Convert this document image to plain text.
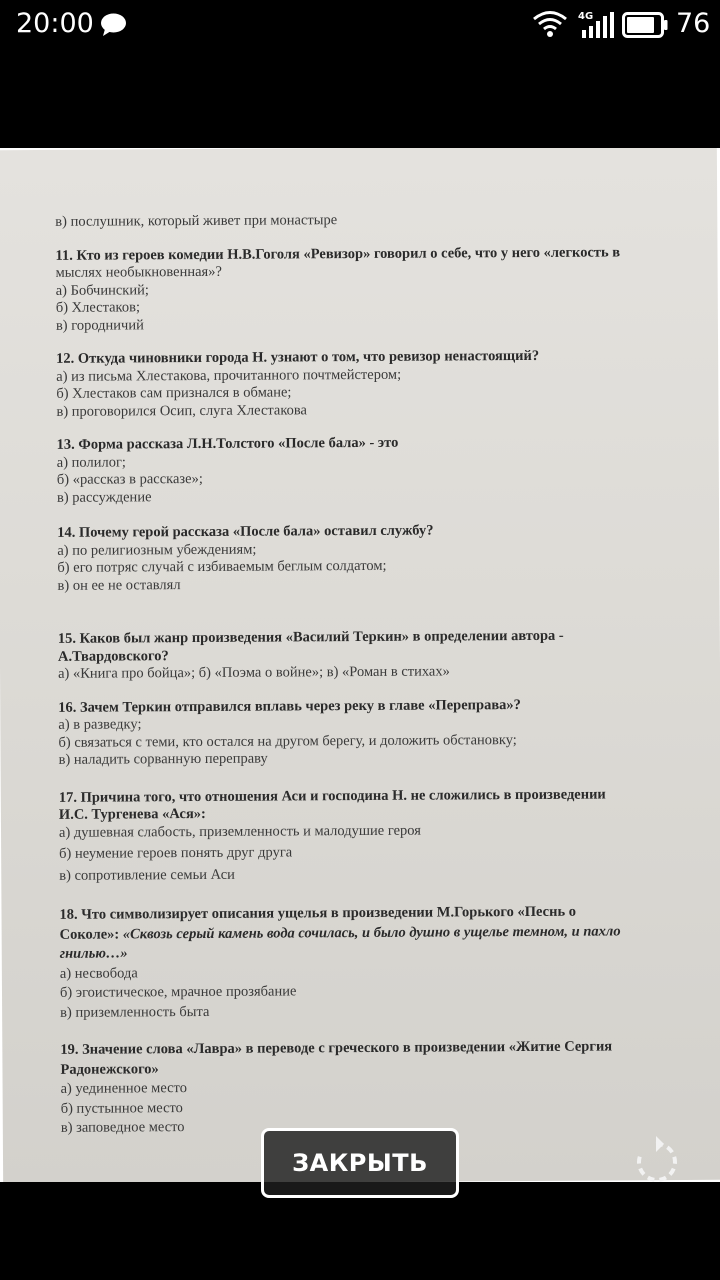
20:00	4G	76
в) послушник, который живет при монастыре
11. Кто из героев комедии Н.В.Гоголя «Ревизор» говорил о себе, что у него «легкость в
мыслях необыкновенная»?
а) Бобчинский;
б) Хлестаков;
в) городничий
12. Откуда чиновники города Н. узнают о том, что ревизор ненастоящий?
а) из письма Хлестакова, прочитанного почтмейстером;
б) Хлестаков сам признался в обмане;
в) проговорился Осип, слуга Хлестакова
13. Форма рассказа Л.Н.Толстого «После бала» - это
а) полилог;
б) «рассказ в рассказе»;
в) рассуждение
14. Почему герой рассказа «После бала» оставил службу?
а) по религиозным убеждениям;
б) его потряс случай с избиваемым беглым солдатом;
в) он ее не оставлял
15. Каков был жанр произведения «Василий Теркин» в определении автора -
А.Твардовского?
а) «Книга про бойца»; б) «Поэма о войне»; в) «Роман в стихах»
16. Зачем Теркин отправился вплавь через реку в главе «Переправа»?
а) в разведку;
б) связаться с теми, кто остался на другом берегу, и доложить обстановку;
в) наладить сорванную переправу
17. Причина того, что отношения Аси и господина Н. не сложились в произведении
И.С. Тургенева «Ася»:
а) душевная слабость, приземленность и малодушие героя
б) неумение героев понять друг друга
в) сопротивление семьи Аси
18. Что символизирует описания ущелья в произведении М.Горького «Песнь о
Соколе»: «Сквозь серый камень вода сочилась, и было душно в ущелье темном, и пахло
гнилью…»
а) несвобода
б) эгоистическое, мрачное прозябание
в) приземленность быта
19. Значение слова «Лавра» в переводе с греческого в произведении «Житие Сергия
Радонежского»
а) уединенное место
б) пустынное место
в) заповедное место
ЗАКРЫТЬ
